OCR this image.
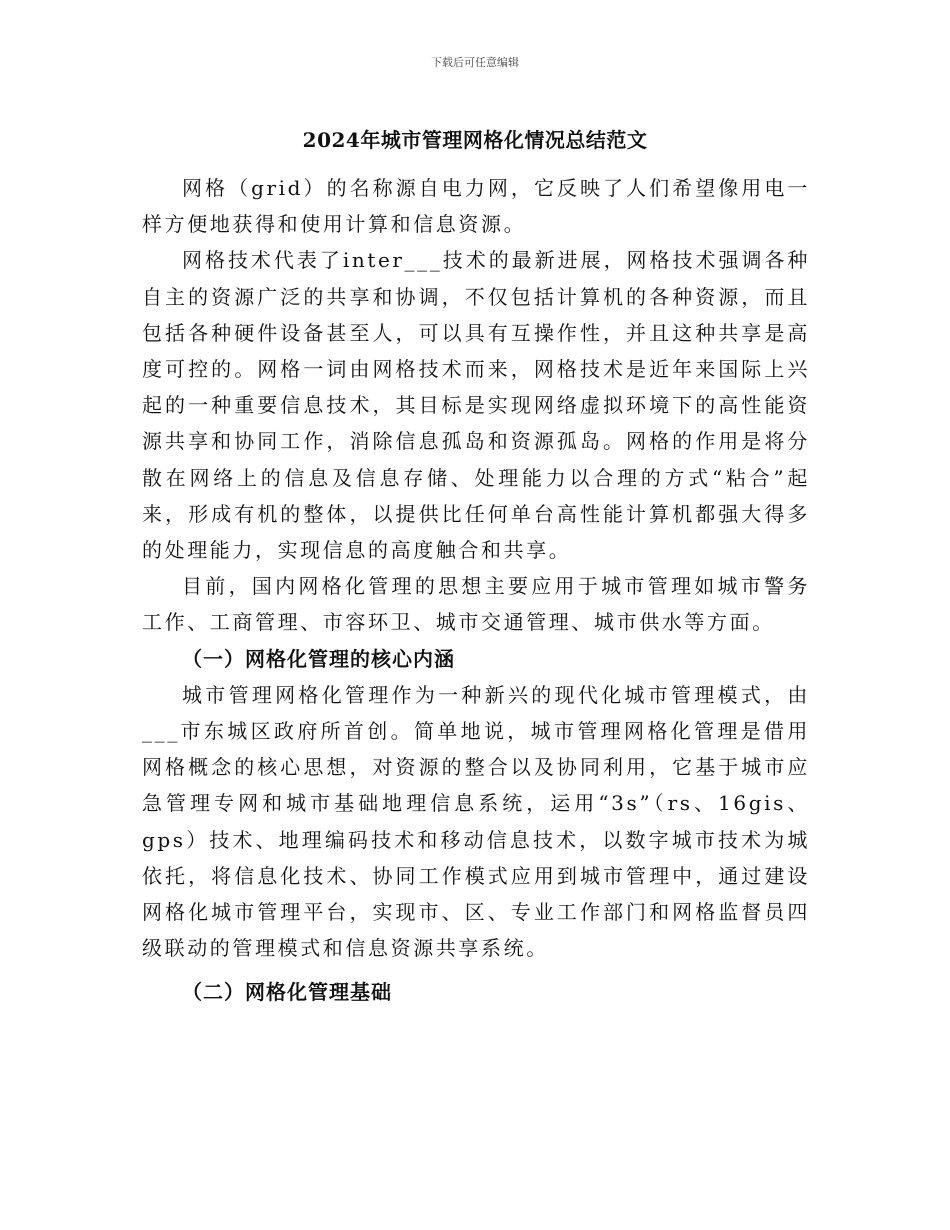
下载后可任意编辑
2024年城市管理网格化情况总结范文

网格（grid）的名称源自电力网，它反映了人们希望像用电一样方便地获得和使用计算和信息资源。

网格技术代表了inter___技术的最新进展，网格技术强调各种自主的资源广泛的共享和协调，不仅包括计算机的各种资源，而且包括各种硬件设备甚至人，可以具有互操作性，并且这种共享是高度可控的。网格一词由网格技术而来，网格技术是近年来国际上兴起的一种重要信息技术，其目标是实现网络虚拟环境下的高性能资源共享和协同工作，消除信息孤岛和资源孤岛。网格的作用是将分散在网络上的信息及信息存储、处理能力以合理的方式“粘合”起来，形成有机的整体，以提供比任何单台高性能计算机都强大得多的处理能力，实现信息的高度触合和共享。

目前，国内网格化管理的思想主要应用于城市管理如城市警务工作、工商管理、市容环卫、城市交通管理、城市供水等方面。

（一）网格化管理的核心内涵

城市管理网格化管理作为一种新兴的现代化城市管理模式，由___市东城区政府所首创。简单地说，城市管理网格化管理是借用网格概念的核心思想，对资源的整合以及协同利用，它基于城市应急管理专网和城市基础地理信息系统，运用“3s”（rs、16gis、gps）技术、地理编码技术和移动信息技术，以数字城市技术为城依托，将信息化技术、协同工作模式应用到城市管理中，通过建设网格化城市管理平台，实现市、区、专业工作部门和网格监督员四级联动的管理模式和信息资源共享系统。

（二）网格化管理基础
